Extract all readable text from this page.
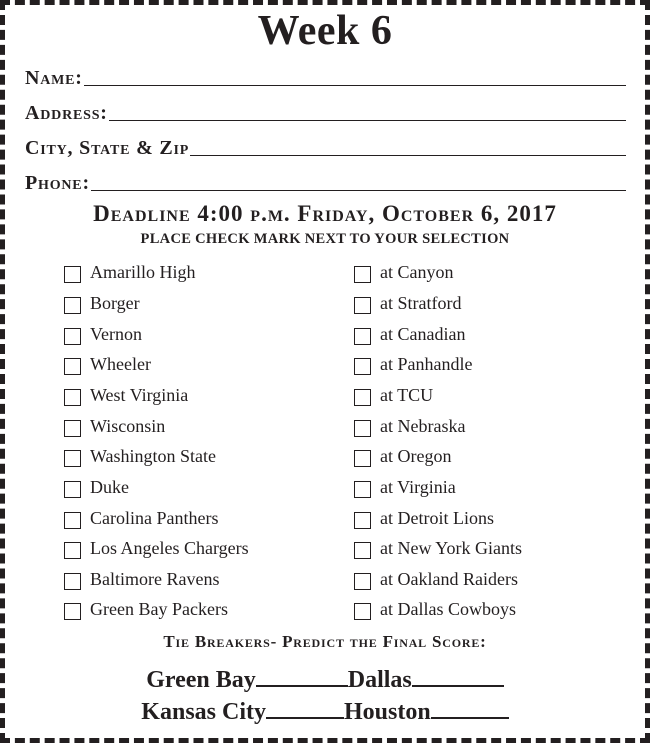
Week 6
Name:
Address:
City, State & Zip
Phone:
Deadline 4:00 p.m. Friday, October 6, 2017
PLACE CHECK MARK NEXT TO YOUR SELECTION
Amarillo High	at Canyon
Borger	at Stratford
Vernon	at Canadian
Wheeler	at Panhandle
West Virginia	at TCU
Wisconsin	at Nebraska
Washington State	at Oregon
Duke	at Virginia
Carolina Panthers	at Detroit Lions
Los Angeles Chargers	at New York Giants
Baltimore Ravens	at Oakland Raiders
Green Bay Packers	at Dallas Cowboys
Tie Breakers- Predict the Final Score:
Green Bay	Dallas
Kansas City	Houston
